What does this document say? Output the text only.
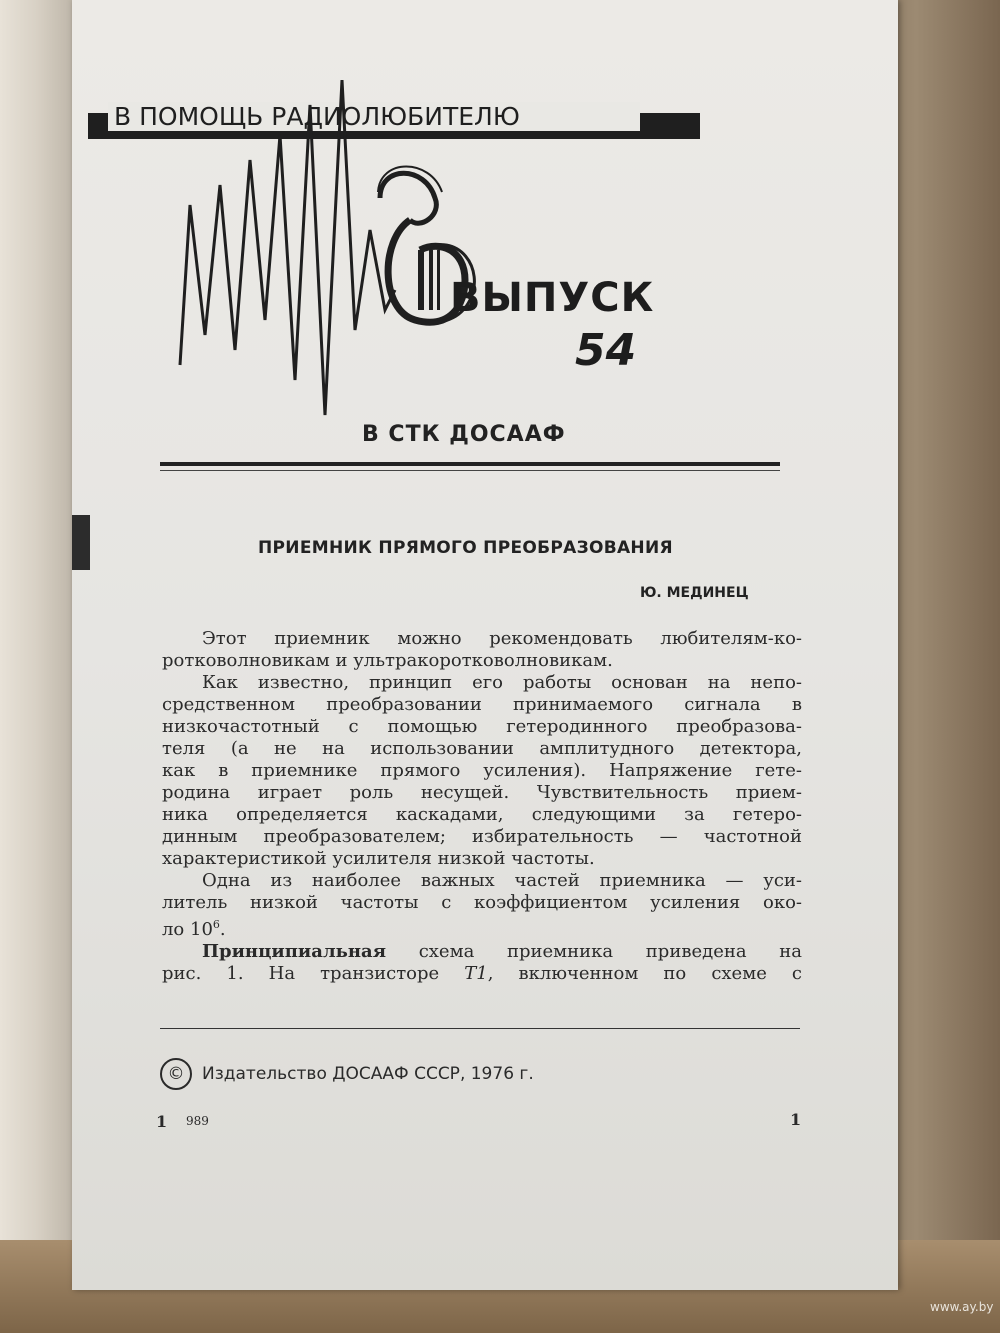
В ПОМОЩЬ РАДИОЛЮБИТЕЛЮ
ВЫПУСК
54
В СТК ДОСААФ
ПРИЕМНИК ПРЯМОГО ПРЕОБРАЗОВАНИЯ
Ю. МЕДИНЕЦ

Этот приемник можно рекомендовать любителям-ко-
ротковолновикам и ультракоротковолновикам.

Как известно, принцип его работы основан на непо-
средственном преобразовании принимаемого сигнала в
низкочастотный с помощью гетеродинного преобразова-
теля (а не на использовании амплитудного детектора,
как в приемнике прямого усиления). Напряжение гете-
родина играет роль несущей. Чувствительность прием-
ника определяется каскадами, следующими за гетеро-
динным преобразователем; избирательность — частотной
характеристикой усилителя низкой частоты.

Одна из наиболее важных частей приемника — уси-
литель низкой частоты с коэффициентом усиления око-
ло $10^6$.

Принципиальная схема приемника приведена на
рис. 1. На транзисторе Т1, включенном по схеме с

©	Издательство ДОСААФ СССР, 1976 г.
1 989	1
www.ay.by
